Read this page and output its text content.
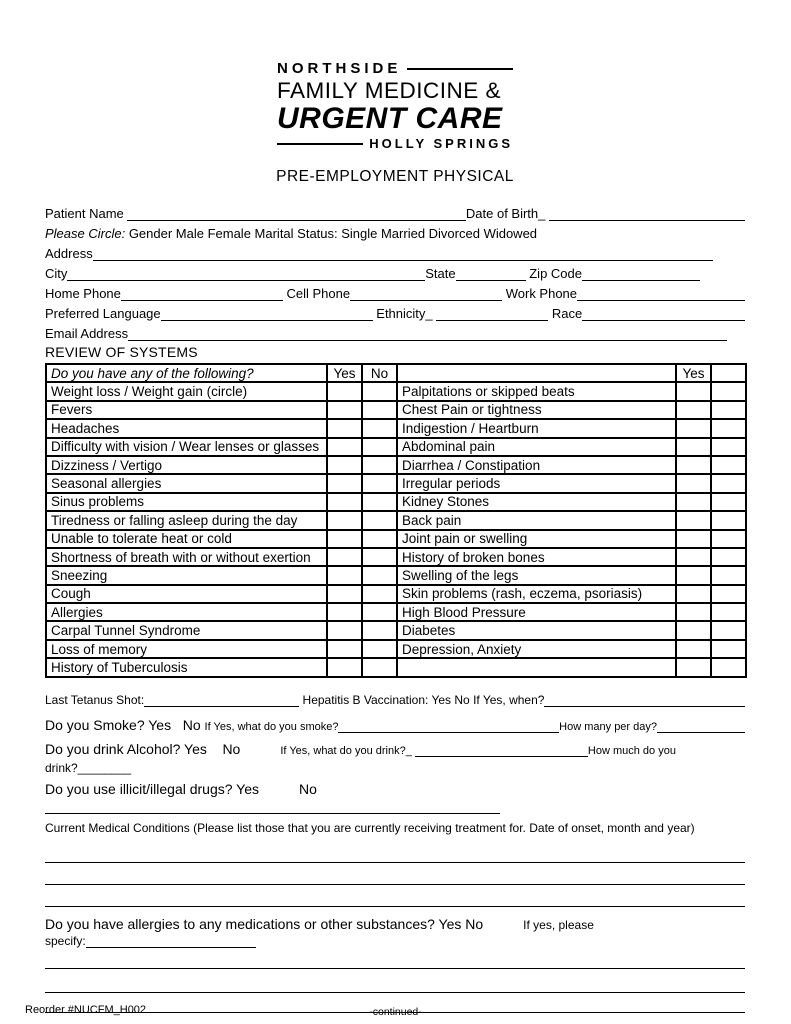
NORTHSIDE
FAMILY MEDICINE &
URGENT CARE
HOLLY SPRINGS
PRE-EMPLOYMENT PHYSICAL
Patient Name	Date of Birth_
Please Circle: Gender Male Female Marital Status: Single Married Divorced Widowed
Address
City	State	Zip Code
Home Phone	Cell Phone	Work Phone
Preferred Language	Ethnicity_	Race
Email Address
REVIEW OF SYSTEMS
Do you have any of the following?	Yes	No		Yes	
Weight loss / Weight gain (circle)			Palpitations or skipped beats		
Fevers			Chest Pain or tightness		
Headaches			Indigestion / Heartburn		
Difficulty with vision / Wear lenses or glasses			Abdominal pain		
Dizziness / Vertigo			Diarrhea / Constipation		
Seasonal allergies			Irregular periods		
Sinus problems			Kidney Stones		
Tiredness or falling asleep during the day			Back pain		
Unable to tolerate heat or cold			Joint pain or swelling		
Shortness of breath with or without exertion			History of broken bones		
Sneezing			Swelling of the legs		
Cough			Skin problems (rash, eczema, psoriasis)		
Allergies			High Blood Pressure		
Carpal Tunnel Syndrome			Diabetes		
Loss of memory			Depression, Anxiety		
History of Tuberculosis					
Last Tetanus Shot:	Hepatitis B Vaccination: Yes No If Yes, when?
Do you Smoke? Yes   No If Yes, what do you smoke?	How many per day?
Do you drink Alcohol? Yes    No	If Yes, what do you drink?_	How much do you
drink?________
Do you use illicit/illegal drugs? Yes	No
Current Medical Conditions (Please list those that you are currently receiving treatment for. Date of onset, month and year)
Do you have allergies to any medications or other substances? Yes No	If yes, please
specify:
Reorder #NUCFM_H002	-continued-
